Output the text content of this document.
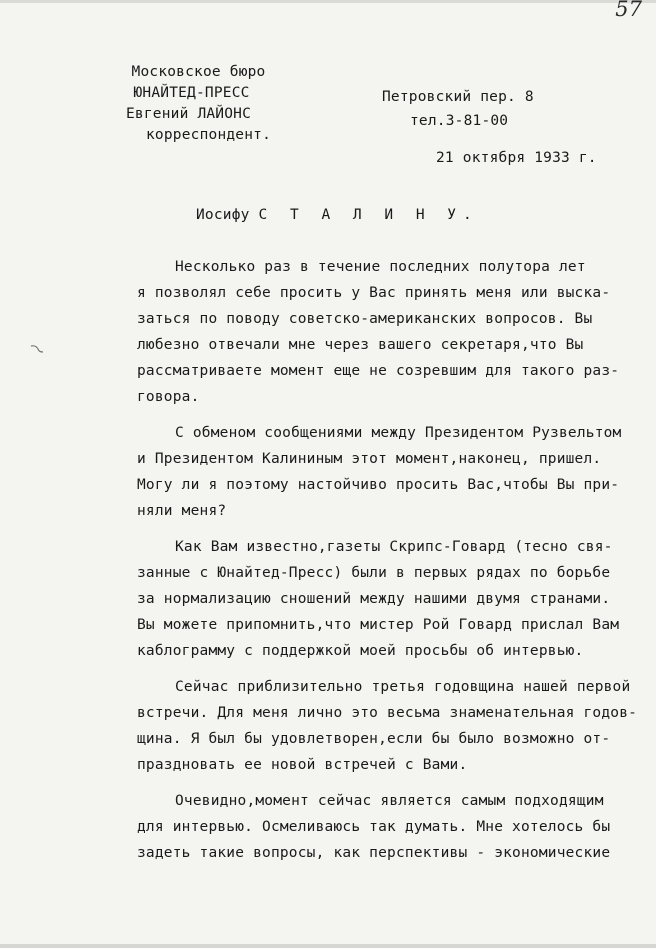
57
Московское бюро
ЮНАЙТЕД-ПРЕСС
Евгений ЛАЙОНС
корреспондент.
Петровский пер. 8
тел.3-81-00
21 октября 1933 г.
Иосифу С Т А Л И Н У.
Несколько раз в течение последних полутора лет
я позволял себе просить у Вас принять меня или выска-
заться по поводу советско-американских вопросов. Вы
любезно отвечали мне через вашего секретаря,что Вы
рассматриваете момент еще не созревшим для такого раз-
говора.
С обменом сообщениями между Президентом Рузвельтом
и Президентом Калининым этот момент,наконец, пришел.
Могу ли я поэтому настойчиво просить Вас,чтобы Вы при-
няли меня?
Как Вам известно,газеты Скрипс-Говард (тесно свя-
занные с Юнайтед-Пресс) были в первых рядах по борьбе
за нормализацию сношений между нашими двумя странами.
Вы можете припомнить,что мистер Рой Говард прислал Вам
каблограмму с поддержкой моей просьбы об интервью.
Сейчас приблизительно третья годовщина нашей первой
встречи. Для меня лично это весьма знаменательная годов-
щина. Я был бы удовлетворен,если бы было возможно от-
праздновать ее новой встречей с Вами.
Очевидно,момент сейчас является самым подходящим
для интервью. Осмеливаюсь так думать. Мне хотелось бы
задеть такие вопросы, как перспективы - экономические
